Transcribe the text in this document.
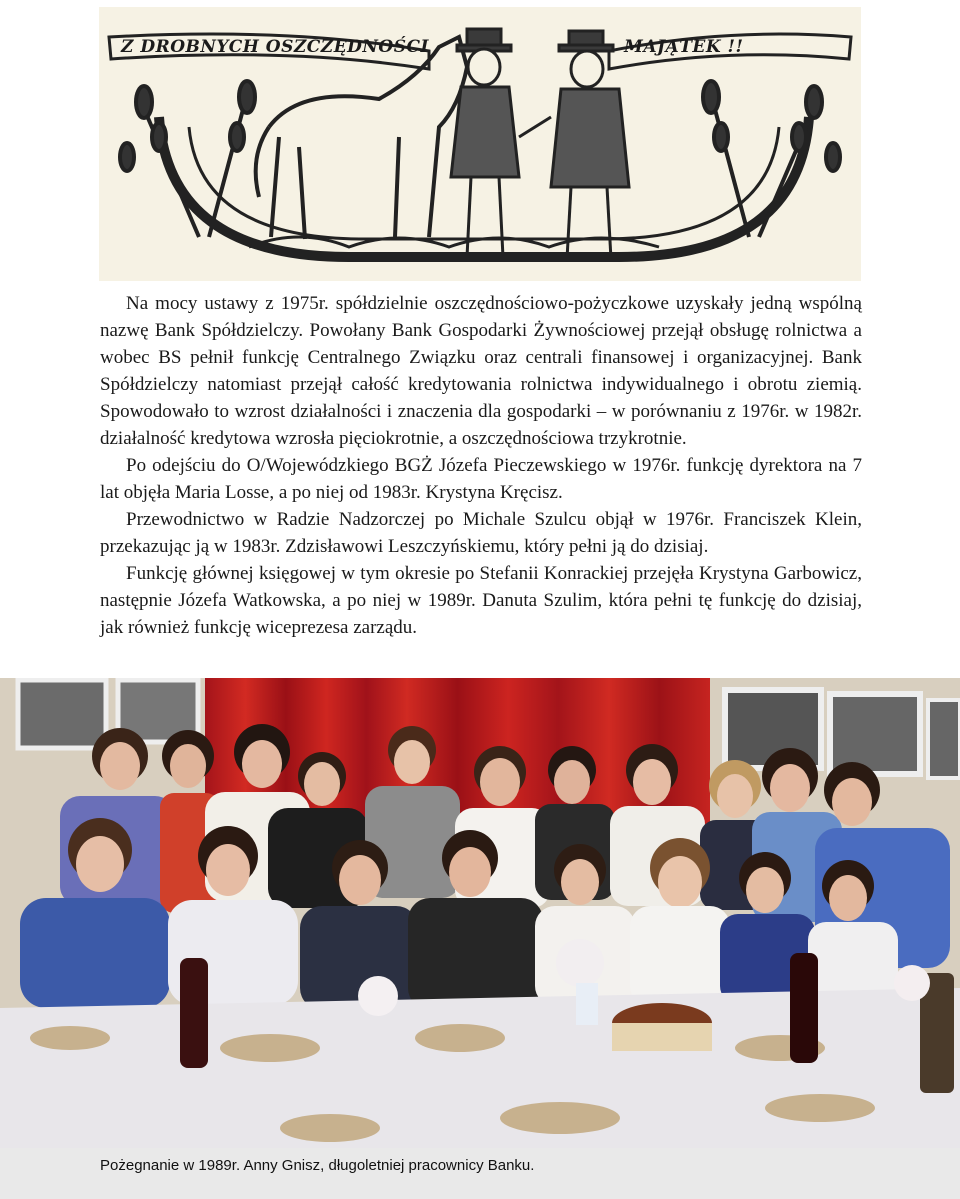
Z DROBNYCH OSZCZĘDNOŚCI	MAJĄTEK !!

Na mocy ustawy z 1975r. spółdzielnie oszczędnościowo-pożyczkowe uzyskały jedną wspólną nazwę Bank Spółdzielczy. Powołany Bank Gospodarki Żywnościowej przejął obsługę rolnictwa a wobec BS pełnił funkcję Centralnego Związku oraz centrali finansowej i organizacyjnej. Bank Spółdzielczy natomiast przejął całość kredytowania rolnictwa indywidualnego i obrotu ziemią. Spowodowało to wzrost działalności i znaczenia dla gospodarki – w porównaniu z 1976r. w 1982r. działalność kredytowa wzrosła pięciokrotnie, a oszczędnościowa trzykrotnie.

Po odejściu do O/Wojewódzkiego BGŻ Józefa Pieczewskiego w 1976r. funkcję dyrektora na 7 lat objęła Maria Losse, a po niej od 1983r. Krystyna Kręcisz.

Przewodnictwo w Radzie Nadzorczej po Michale Szulcu objął w 1976r. Franciszek Klein, przekazując ją w 1983r. Zdzisławowi Leszczyńskiemu, który pełni ją do dzisiaj.

Funkcję głównej księgowej w tym okresie po Stefanii Konrackiej przejęła Krystyna Garbowicz, następnie Józefa Watkowska, a po niej w 1989r. Danuta Szulim, która pełni tę funkcję do dzisiaj, jak również funkcję wiceprezesa zarządu.

Pożegnanie w 1989r. Anny Gnisz, długoletniej pracownicy Banku.
